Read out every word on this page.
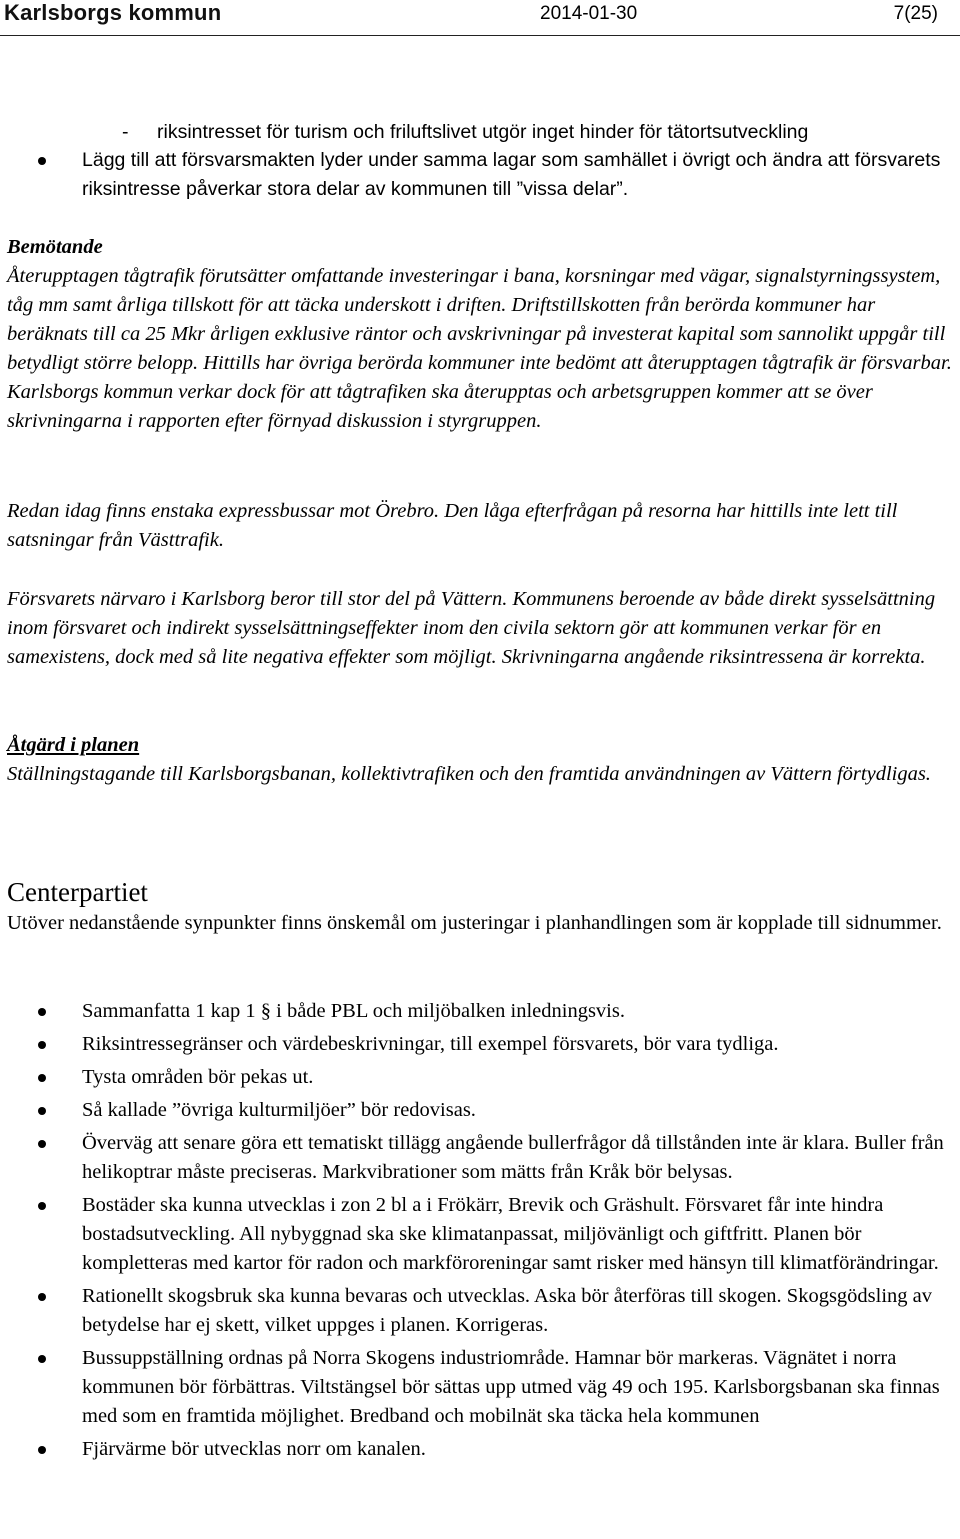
Karlsborgs kommun	2014-01-30	7(25)
- riksintresset för turism och friluftslivet utgör inget hinder för tätortsutveckling
Lägg till att försvarsmakten lyder under samma lagar som samhället i övrigt och ändra att försvarets riksintresse påverkar stora delar av kommunen till ”vissa delar”.

Bemötande

Återupptagen tågtrafik förutsätter omfattande investeringar i bana, korsningar med vägar, signalstyrningssystem, tåg mm samt årliga tillskott för att täcka underskott i driften. Driftstillskotten från berörda kommuner har beräknats till ca 25 Mkr årligen exklusive räntor och avskrivningar på investerat kapital som sannolikt uppgår till betydligt större belopp. Hittills har övriga berörda kommuner inte bedömt att återupptagen tågtrafik är försvarbar. Karlsborgs kommun verkar dock för att tågtrafiken ska återupptas och arbetsgruppen kommer att se över skrivningarna i rapporten efter förnyad diskussion i styrgruppen.

Redan idag finns enstaka expressbussar mot Örebro. Den låga efterfrågan på resorna har hittills inte lett till satsningar från Västtrafik.

Försvarets närvaro i Karlsborg beror till stor del på Vättern. Kommunens beroende av både direkt sysselsättning inom försvaret och indirekt sysselsättningseffekter inom den civila sektorn gör att kommunen verkar för en samexistens, dock med så lite negativa effekter som möjligt. Skrivningarna angående riksintressena är korrekta.

Åtgärd i planen

Ställningstagande till Karlsborgsbanan, kollektivtrafiken och den framtida användningen av Vättern förtydligas.

Centerpartiet

Utöver nedanstående synpunkter finns önskemål om justeringar i planhandlingen som är kopplade till sidnummer.

Sammanfatta 1 kap 1 § i både PBL och miljöbalken inledningsvis.
Riksintressegränser och värdebeskrivningar, till exempel försvarets, bör vara tydliga.
Tysta områden bör pekas ut.
Så kallade ”övriga kulturmiljöer” bör redovisas.
Överväg att senare göra ett tematiskt tillägg angående bullerfrågor då tillstånden inte är klara. Buller från helikoptrar måste preciseras. Markvibrationer som mätts från Kråk bör belysas.
Bostäder ska kunna utvecklas i zon 2 bl a i Frökärr, Brevik och Gräshult. Försvaret får inte hindra bostadsutveckling. All nybyggnad ska ske klimatanpassat, miljövänligt och giftfritt. Planen bör kompletteras med kartor för radon och markföroreningar samt risker med hänsyn till klimatförändringar.
Rationellt skogsbruk ska kunna bevaras och utvecklas. Aska bör återföras till skogen. Skogsgödsling av betydelse har ej skett, vilket uppges i planen. Korrigeras.
Bussuppställning ordnas på Norra Skogens industriområde. Hamnar bör markeras. Vägnätet i norra kommunen bör förbättras. Viltstängsel bör sättas upp utmed väg 49 och 195. Karlsborgsbanan ska finnas med som en framtida möjlighet. Bredband och mobilnät ska täcka hela kommunen
Fjärvärme bör utvecklas norr om kanalen.
